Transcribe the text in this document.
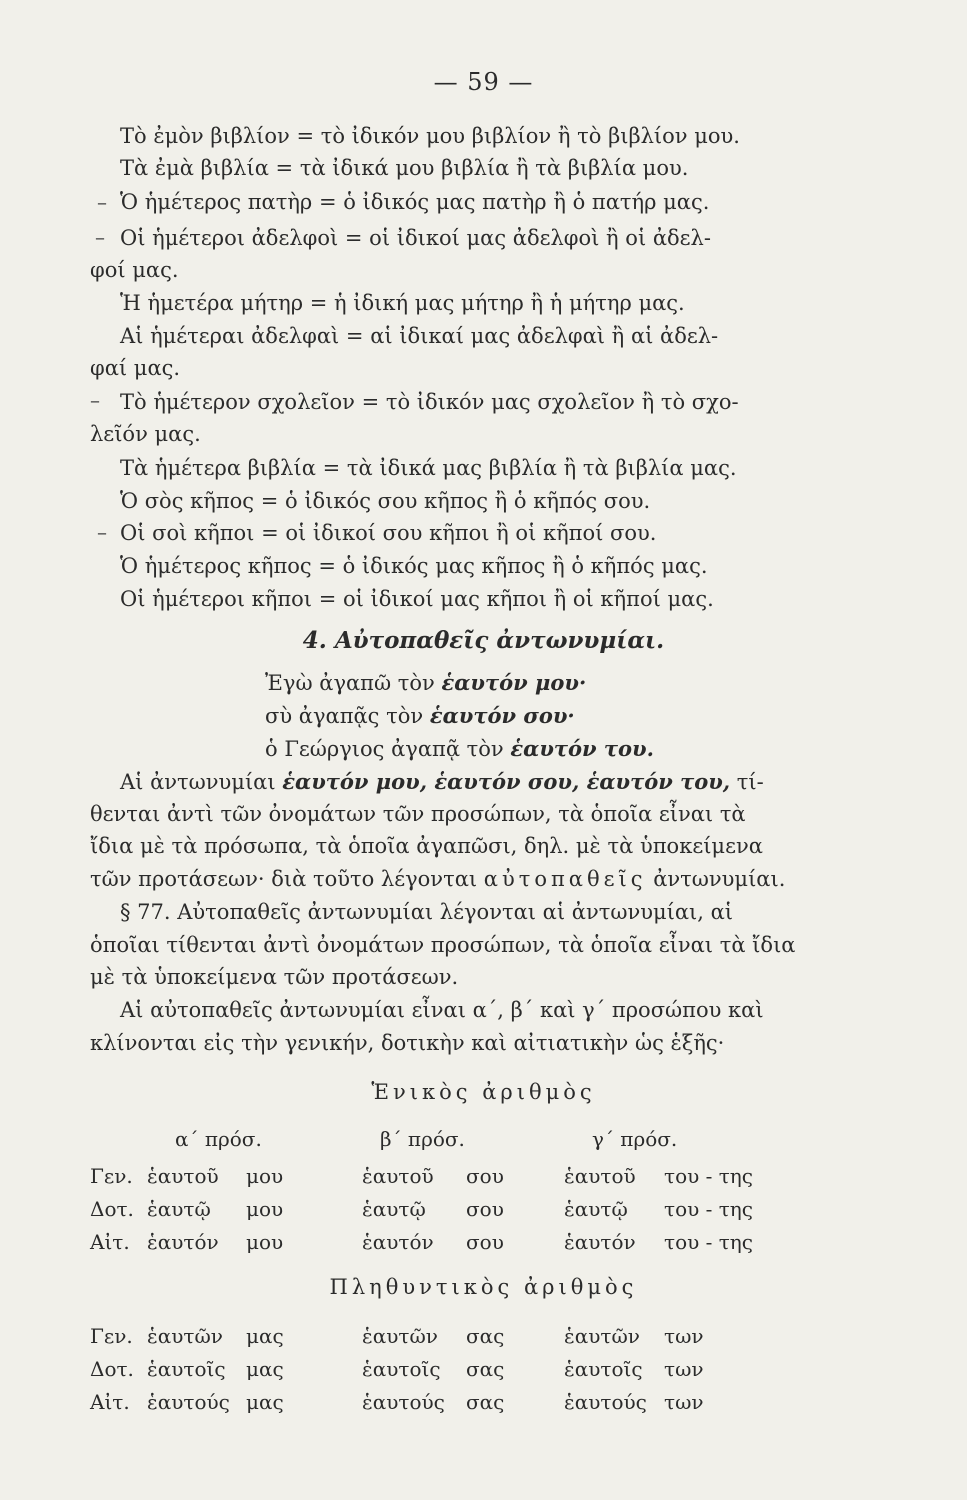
— 59 —
Τὸ ἐμὸν βιβλίον = τὸ ἰδικόν μου βιβλίον ἢ τὸ βιβλίον μου.
Τὰ ἐμὰ βιβλία = τὰ ἰδικά μου βιβλία ἢ τὰ βιβλία μου.
Ὁ ἡμέτερος πατὴρ = ὁ ἰδικός μας πατὴρ ἢ ὁ πατήρ μας.
Οἱ ἡμέτεροι ἀδελφοὶ = οἱ ἰδικοί μας ἀδελφοὶ ἢ οἱ ἀδελ-
φοί μας.
Ἡ ἡμετέρα μήτηρ = ἡ ἰδική μας μήτηρ ἢ ἡ μήτηρ μας.
Αἱ ἡμέτεραι ἀδελφαὶ = αἱ ἰδικαί μας ἀδελφαὶ ἢ αἱ ἀδελ-
φαί μας.
Τὸ ἡμέτερον σχολεῖον = τὸ ἰδικόν μας σχολεῖον ἢ τὸ σχο-
λεῖόν μας.
Τὰ ἡμέτερα βιβλία = τὰ ἰδικά μας βιβλία ἢ τὰ βιβλία μας.
Ὁ σὸς κῆπος = ὁ ἰδικός σου κῆπος ἢ ὁ κῆπός σου.
Οἱ σοὶ κῆποι = οἱ ἰδικοί σου κῆποι ἢ οἱ κῆποί σου.
Ὁ ἡμέτερος κῆπος = ὁ ἰδικός μας κῆπος ἢ ὁ κῆπός μας.
Οἱ ἡμέτεροι κῆποι = οἱ ἰδικοί μας κῆποι ἢ οἱ κῆποί μας.
–
–
–
–
4. Αὐτοπαθεῖς ἀντωνυμίαι.
Ἐγὼ ἀγαπῶ τὸν ἑαυτόν μου·
σὺ ἀγαπᾷς τὸν ἑαυτόν σου·
ὁ Γεώργιος ἀγαπᾷ τὸν ἑαυτόν του.
Αἱ ἀντωνυμίαι ἑαυτόν μου, ἑαυτόν σου, ἑαυτόν του, τί-
θενται ἀντὶ τῶν ὀνομάτων τῶν προσώπων, τὰ ὁποῖα εἶναι τὰ
ἴδια μὲ τὰ πρόσωπα, τὰ ὁποῖα ἀγαπῶσι, δηλ. μὲ τὰ ὑποκείμενα
τῶν προτάσεων· διὰ τοῦτο λέγονται αὐτοπαθεῖς ἀντωνυμίαι.
§ 77. Αὐτοπαθεῖς ἀντωνυμίαι λέγονται αἱ ἀντωνυμίαι, αἱ
ὁποῖαι τίθενται ἀντὶ ὀνομάτων προσώπων, τὰ ὁποῖα εἶναι τὰ ἴδια
μὲ τὰ ὑποκείμενα τῶν προτάσεων.
Αἱ αὐτοπαθεῖς ἀντωνυμίαι εἶναι α΄, β΄ καὶ γ΄ προσώπου καὶ
κλίνονται εἰς τὴν γενικήν, δοτικὴν καὶ αἰτιατικὴν ὡς ἑξῆς·
Ἑνικὸς ἀριθμὸς
α΄ πρόσ.	β΄ πρόσ.	γ΄ πρόσ.
Γεν. ἑαυτοῦ μου	ἑαυτοῦ σου	ἑαυτοῦ του - της
Δοτ. ἑαυτῷ μου	ἑαυτῷ σου	ἑαυτῷ του - της
Αἰτ. ἑαυτόν μου	ἑαυτόν σου	ἑαυτόν του - της
Πληθυντικὸς ἀριθμὸς
Γεν. ἑαυτῶν μας	ἑαυτῶν σας	ἑαυτῶν των
Δοτ. ἑαυτοῖς μας	ἑαυτοῖς σας	ἑαυτοῖς των
Αἰτ. ἑαυτούς μας	ἑαυτούς σας	ἑαυτούς των
